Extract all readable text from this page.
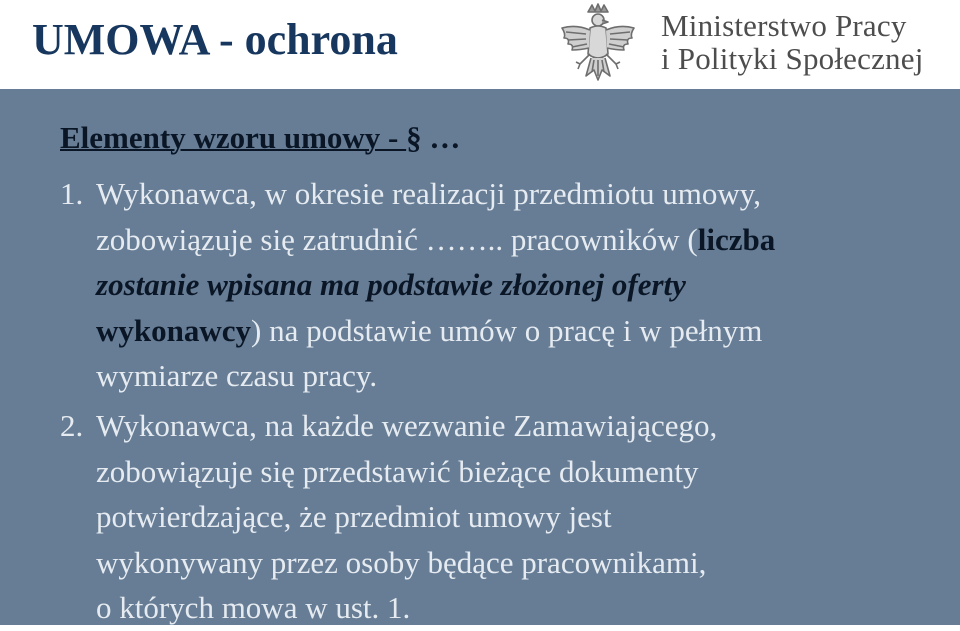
UMOWA - ochrona	Ministerstwo Pracy
i Polityki Społecznej
Elementy wzoru umowy - § …
1. Wykonawca, w okresie realizacji przedmiotu umowy,
zobowiązuje się zatrudnić …….. pracowników (liczba
zostanie wpisana ma podstawie złożonej oferty
wykonawcy) na podstawie umów o pracę i w pełnym
wymiarze czasu pracy.
2. Wykonawca, na każde wezwanie Zamawiającego,
zobowiązuje się przedstawić bieżące dokumenty
potwierdzające, że przedmiot umowy jest
wykonywany przez osoby będące pracownikami,
o których mowa w ust. 1.
